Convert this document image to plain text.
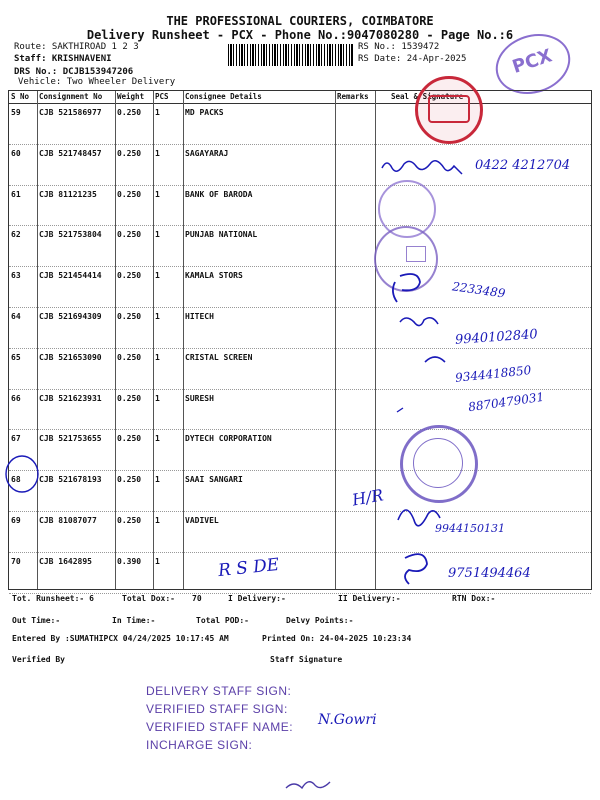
THE PROFESSIONAL COURIERS, COIMBATORE
Delivery Runsheet - PCX - Phone No.:9047080280 - Page No.:6
Route: SAKTHIROAD 1 2 3
Staff: KRISHNAVENI
DRS No.: DCJB153947206
Vehicle: Two Wheeler Delivery
RS No.: 1539472
RS Date: 24-Apr-2025	PCX
S No	Consignment No	Weight	PCS	Consignee Details	Remarks	Seal & Signature
59	CJB 521586977	0.250	1	MD PACKS
60	CJB 521748457	0.250	1	SAGAYARAJ
61	CJB 81121235	0.250	1	BANK OF BARODA
62	CJB 521753804	0.250	1	PUNJAB NATIONAL
63	CJB 521454414	0.250	1	KAMALA STORS
64	CJB 521694309	0.250	1	HITECH
65	CJB 521653090	0.250	1	CRISTAL SCREEN
66	CJB 521623931	0.250	1	SURESH
67	CJB 521753655	0.250	1	DYTECH CORPORATION
68	CJB 521678193	0.250	1	SAAI SANGARI
69	CJB 81087077	0.250	1	VADIVEL
70	CJB 1642895	0.390	1
0422 4212704
2233489
9940102840
9344418850
8870479031
H/R
9944150131
R S DE	9751494464
Tot. Runsheet:- 6	Total Dox:- 70	I Delivery:-	II Delivery:-	RTN Dox:-
Out Time:-	In Time:-	Total POD:-	Delvy Points:-
Entered By :SUMATHIPCX 04/24/2025 10:17:45 AM	Printed On: 24-04-2025 10:23:34
Verified By	Staff Signature
DELIVERY STAFF SIGN:
VERIFIED STAFF SIGN:
VERIFIED STAFF NAME:
INCHARGE SIGN:
N.Gowri
